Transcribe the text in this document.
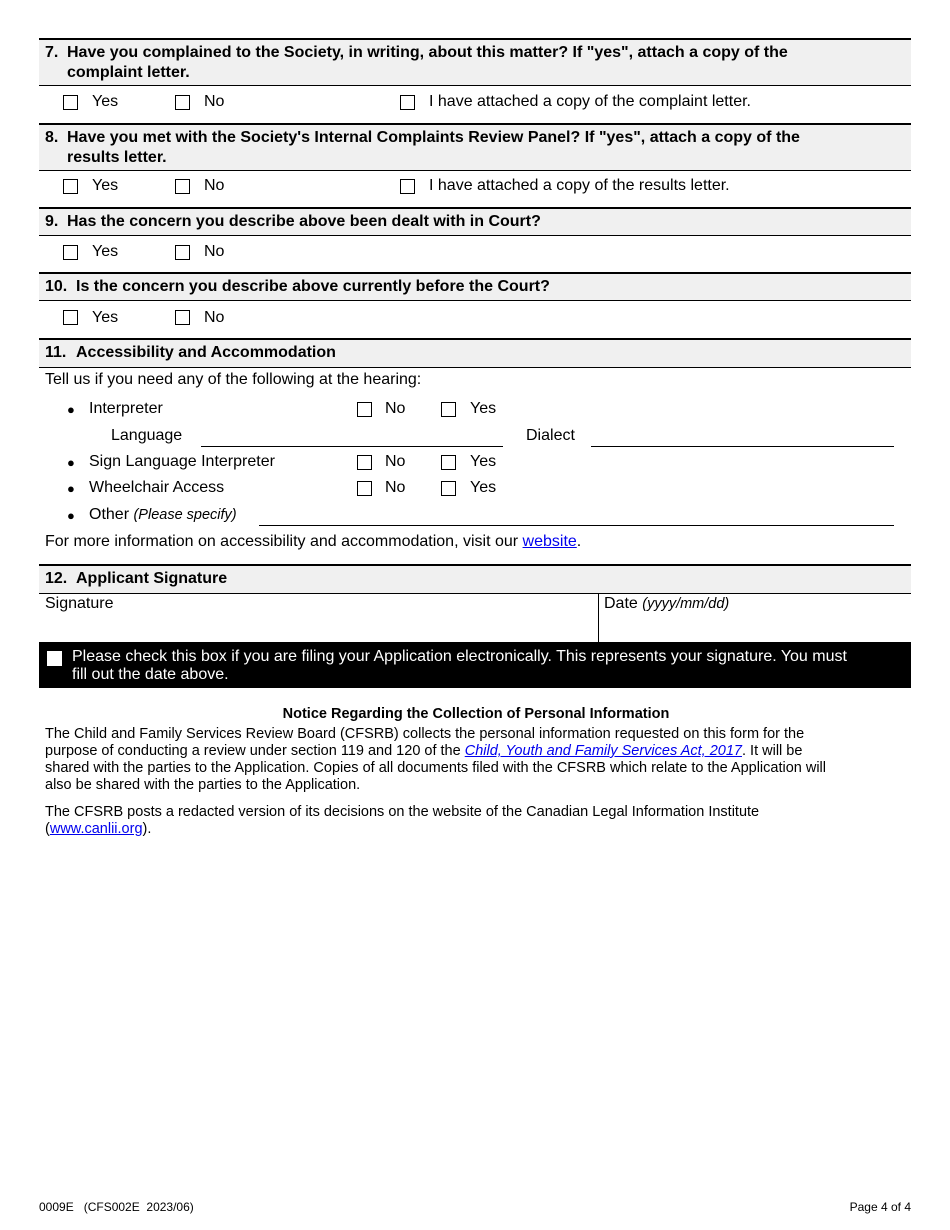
7. Have you complained to the Society, in writing, about this matter? If "yes", attach a copy of the
complaint letter.
Yes	No	I have attached a copy of the complaint letter.
8. Have you met with the Society's Internal Complaints Review Panel? If "yes", attach a copy of the
results letter.
Yes	No	I have attached a copy of the results letter.
9. Has the concern you describe above been dealt with in Court?
Yes	No
10. Is the concern you describe above currently before the Court?
Yes	No
11. Accessibility and Accommodation
Tell us if you need any of the following at the hearing:
● Interpreter	No	Yes
Language	Dialect
● Sign Language Interpreter	No	Yes
● Wheelchair Access	No	Yes
● Other (Please specify)
For more information on accessibility and accommodation, visit our website.
12. Applicant Signature
Signature	Date (yyyy/mm/dd)
Please check this box if you are filing your Application electronically. This represents your signature. You must
fill out the date above.
Notice Regarding the Collection of Personal Information
The Child and Family Services Review Board (CFSRB) collects the personal information requested on this form for the
purpose of conducting a review under section 119 and 120 of the Child, Youth and Family Services Act, 2017. It will be
shared with the parties to the Application. Copies of all documents filed with the CFSRB which relate to the Application will
also be shared with the parties to the Application.
The CFSRB posts a redacted version of its decisions on the website of the Canadian Legal Information Institute
(www.canlii.org).
0009E   (CFS002E  2023/06)	Page 4 of 4
